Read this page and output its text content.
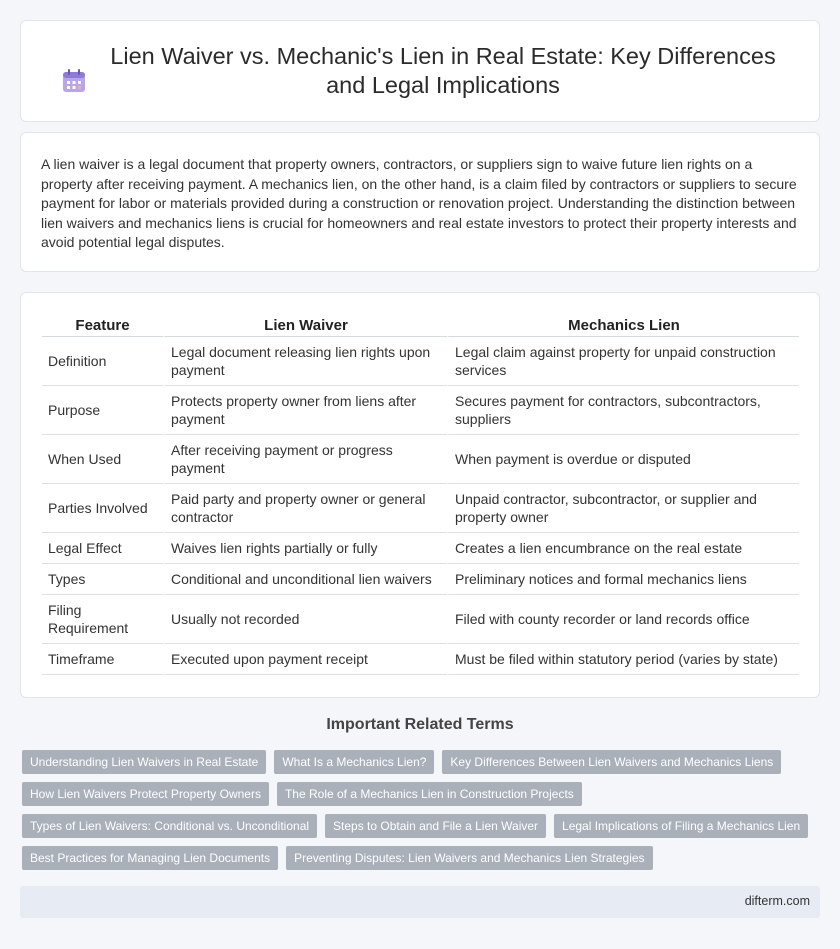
Lien Waiver vs. Mechanic's Lien in Real Estate: Key Differences and Legal Implications

A lien waiver is a legal document that property owners, contractors, or suppliers sign to waive future lien rights on a property after receiving payment. A mechanics lien, on the other hand, is a claim filed by contractors or suppliers to secure payment for labor or materials provided during a construction or renovation project. Understanding the distinction between lien waivers and mechanics liens is crucial for homeowners and real estate investors to protect their property interests and avoid potential legal disputes.

Feature	Lien Waiver	Mechanics Lien
Definition	Legal document releasing lien rights upon payment	Legal claim against property for unpaid construction services
Purpose	Protects property owner from liens after payment	Secures payment for contractors, subcontractors, suppliers
When Used	After receiving payment or progress payment	When payment is overdue or disputed
Parties Involved	Paid party and property owner or general contractor	Unpaid contractor, subcontractor, or supplier and property owner
Legal Effect	Waives lien rights partially or fully	Creates a lien encumbrance on the real estate
Types	Conditional and unconditional lien waivers	Preliminary notices and formal mechanics liens
Filing Requirement	Usually not recorded	Filed with county recorder or land records office
Timeframe	Executed upon payment receipt	Must be filed within statutory period (varies by state)
Important Related Terms
Understanding Lien Waivers in Real Estate	What Is a Mechanics Lien?	Key Differences Between Lien Waivers and Mechanics Liens
How Lien Waivers Protect Property Owners	The Role of a Mechanics Lien in Construction Projects
Types of Lien Waivers: Conditional vs. Unconditional	Steps to Obtain and File a Lien Waiver	Legal Implications of Filing a Mechanics Lien
Best Practices for Managing Lien Documents	Preventing Disputes: Lien Waivers and Mechanics Lien Strategies
difterm.com
